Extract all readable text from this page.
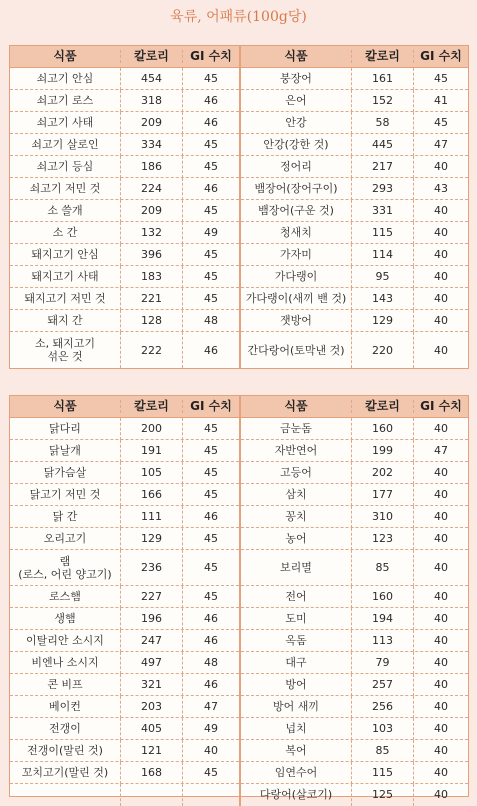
육류, 어패류(100g당)
식품	칼로리	GI 수치
쇠고기 안심	454	45
쇠고기 로스	318	46
쇠고기 사태	209	46
쇠고기 살로인	334	45
쇠고기 등심	186	45
쇠고기 저민 것	224	46
소 쓸개	209	45
소 간	132	49
돼지고기 안심	396	45
돼지고기 사태	183	45
돼지고기 저민 것	221	45
돼지 간	128	48
소, 돼지고기
섞은 것	222	46
식품	칼로리	GI 수치
붕장어	161	45
은어	152	41
안강	58	45
안강(강한 것)	445	47
정어리	217	40
뱀장어(장어구이)	293	43
뱀장어(구운 것)	331	40
청새치	115	40
가자미	114	40
가다랭이	95	40
가다랭이(새끼 밴 것)	143	40
잿방어	129	40
간다랑어(토막낸 것)	220	40
식품	칼로리	GI 수치
닭다리	200	45
닭날개	191	45
닭가슴살	105	45
닭고기 저민 것	166	45
닭 간	111	46
오리고기	129	45
램
(로스, 어린 양고기)	236	45
로스햄	227	45
생햄	196	46
이탈리안 소시지	247	46
비엔나 소시지	497	48
콘 비프	321	46
베이컨	203	47
전갱이	405	49
전갱이(말린 것)	121	40
꼬치고기(말린 것)	168	45
식품	칼로리	GI 수치
금눈돔	160	40
자반연어	199	47
고등어	202	40
삼치	177	40
꽁치	310	40
농어	123	40
보리멸	85	40
전어	160	40
도미	194	40
옥돔	113	40
대구	79	40
방어	257	40
방어 새끼	256	40
넙치	103	40
복어	85	40
임연수어	115	40
다랑어(살코기)	125	40
